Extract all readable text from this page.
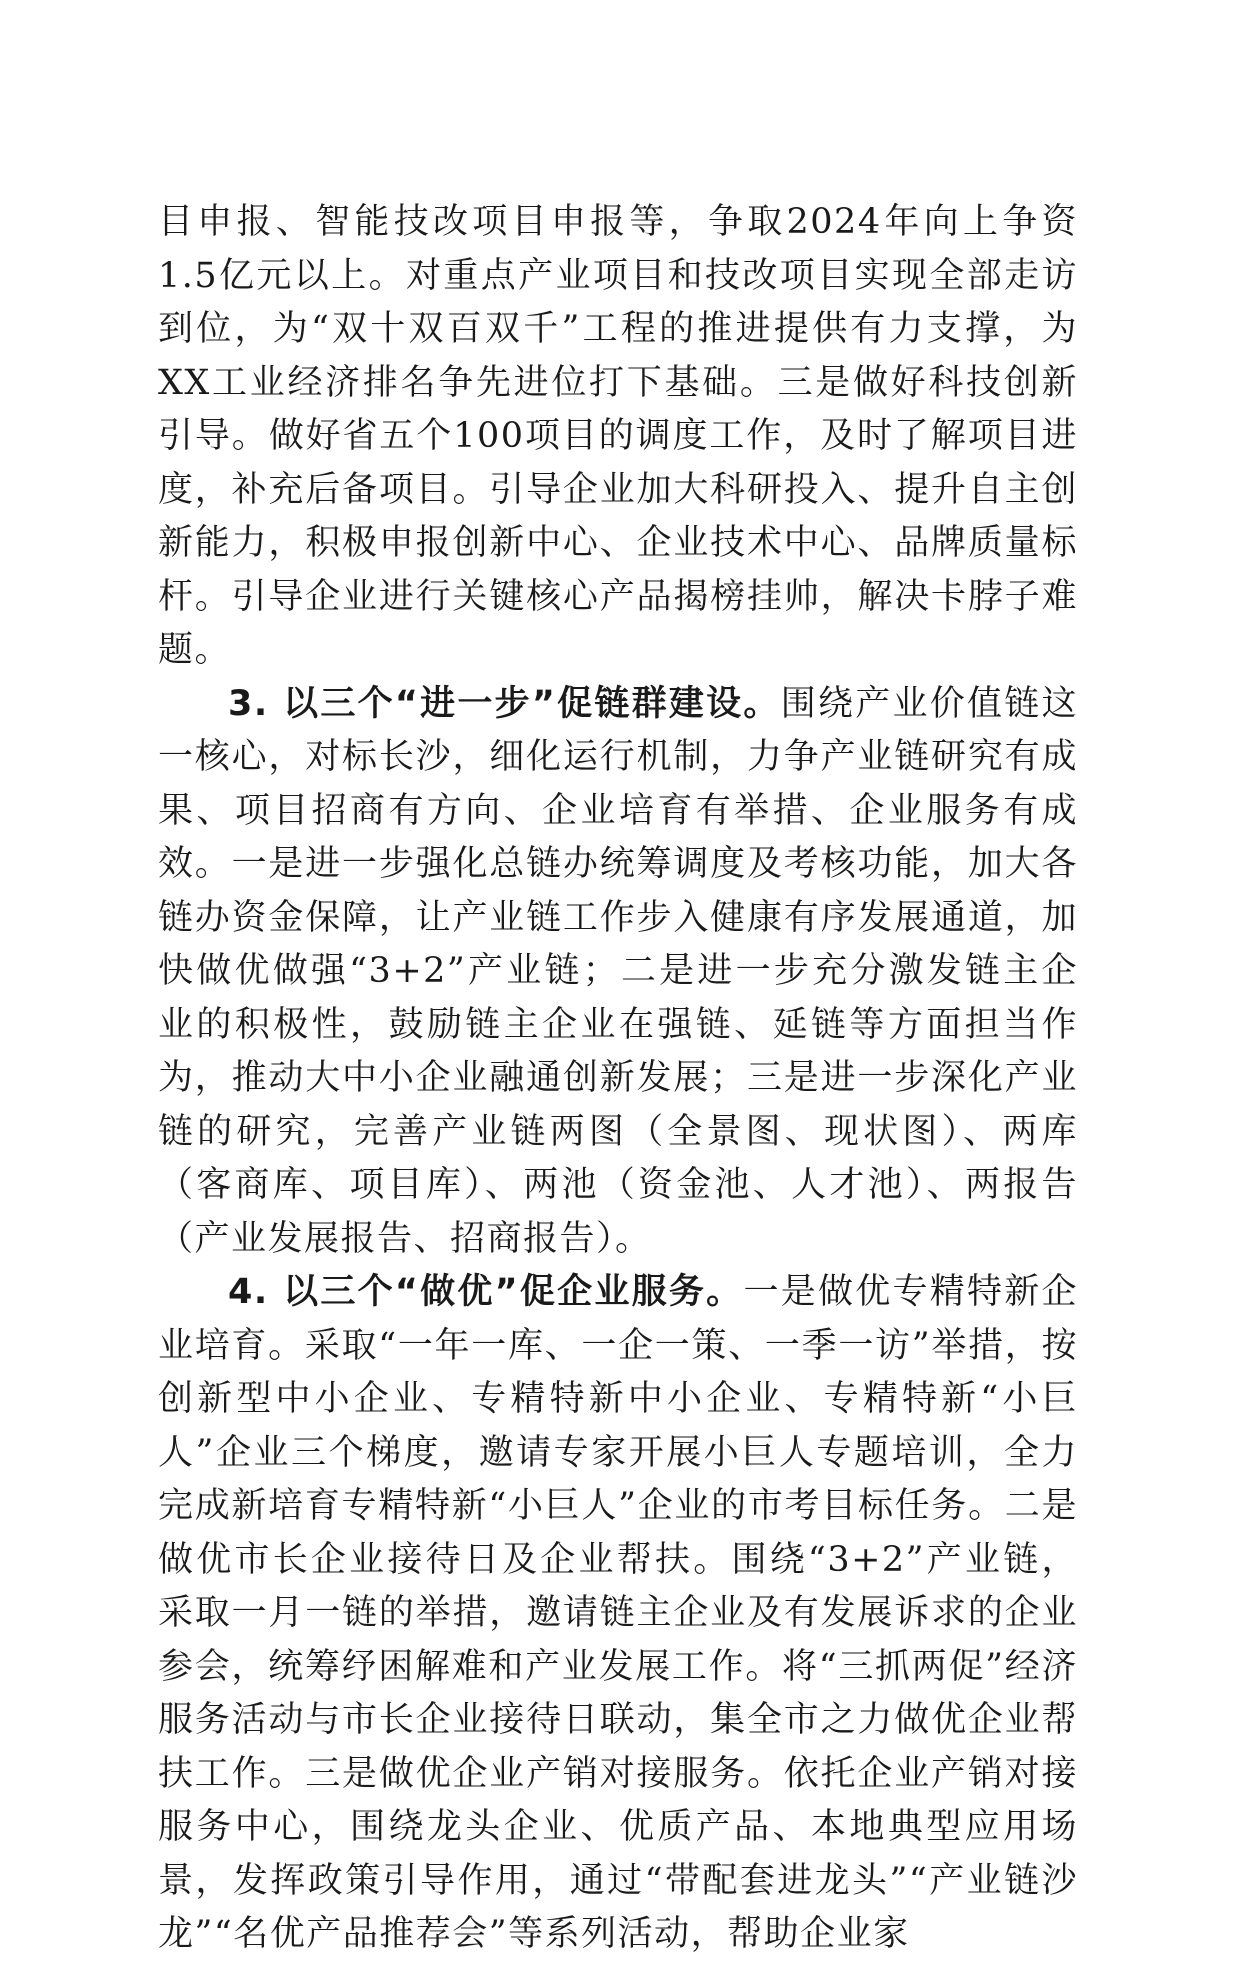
目申报、智能技改项目申报等，争取2024年向上争资1.5亿元以上。对重点产业项目和技改项目实现全部走访到位，为“双十双百双千”工程的推进提供有力支撑，为XX工业经济排名争先进位打下基础。三是做好科技创新引导。做好省五个100项目的调度工作，及时了解项目进度，补充后备项目。引导企业加大科研投入、提升自主创新能力，积极申报创新中心、企业技术中心、品牌质量标杆。引导企业进行关键核心产品揭榜挂帅，解决卡脖子难题。

3. 以三个“进一步”促链群建设。围绕产业价值链这一核心，对标长沙，细化运行机制，力争产业链研究有成果、项目招商有方向、企业培育有举措、企业服务有成效。一是进一步强化总链办统筹调度及考核功能，加大各链办资金保障，让产业链工作步入健康有序发展通道，加快做优做强“3+2”产业链；二是进一步充分激发链主企业的积极性，鼓励链主企业在强链、延链等方面担当作为，推动大中小企业融通创新发展；三是进一步深化产业链的研究，完善产业链两图（全景图、现状图）、两库（客商库、项目库）、两池（资金池、人才池）、两报告（产业发展报告、招商报告）。

4. 以三个“做优”促企业服务。一是做优专精特新企业培育。采取“一年一库、一企一策、一季一访”举措，按创新型中小企业、专精特新中小企业、专精特新“小巨人”企业三个梯度，邀请专家开展小巨人专题培训，全力完成新培育专精特新“小巨人”企业的市考目标任务。二是做优市长企业接待日及企业帮扶。围绕“3+2”产业链，采取一月一链的举措，邀请链主企业及有发展诉求的企业参会，统筹纾困解难和产业发展工作。将“三抓两促”经济服务活动与市长企业接待日联动，集全市之力做优企业帮扶工作。三是做优企业产销对接服务。依托企业产销对接服务中心，围绕龙头企业、优质产品、本地典型应用场景，发挥政策引导作用，通过“带配套进龙头”“产业链沙龙”“名优产品推荐会”等系列活动，帮助企业家
